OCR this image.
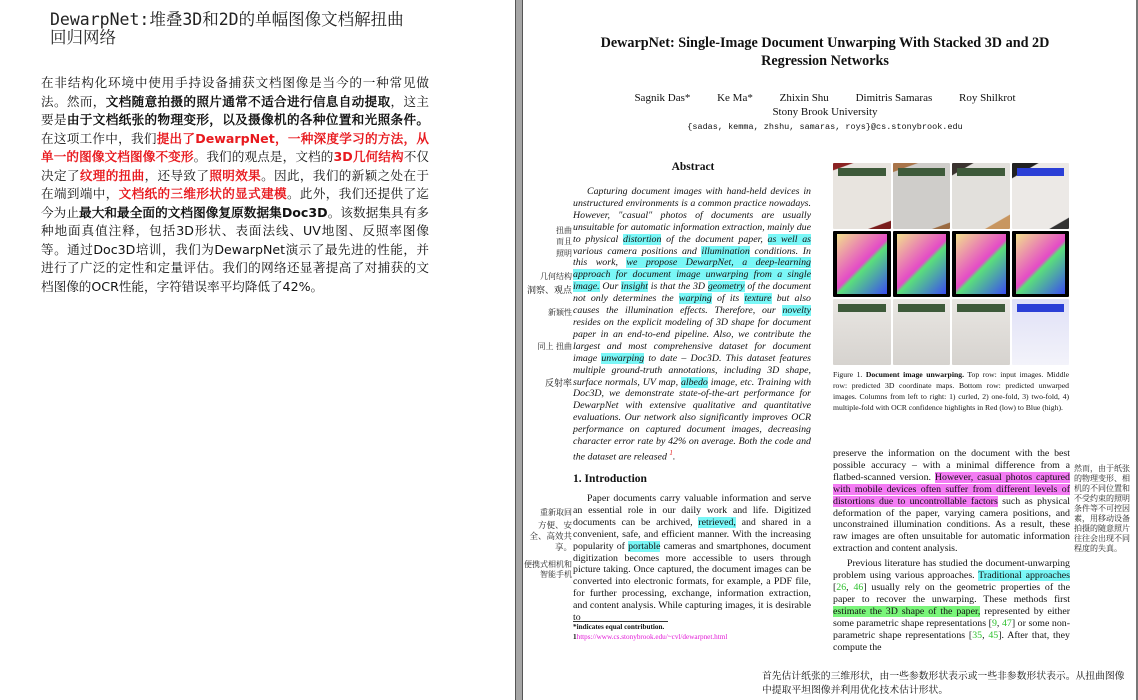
DewarpNet:堆叠3D和2D的单幅图像文档解扭曲回归网络
在非结构化环境中使用手持设备捕获文档图像是当今的一种常见做法。然而，文档随意拍摄的照片通常不适合进行信息自动提取，这主要是由于文档纸张的物理变形，以及摄像机的各种位置和光照条件。在这项工作中，我们提出了DewarpNet，一种深度学习的方法，从单一的图像文档图像不变形。我们的观点是，文档的3D几何结构不仅决定了纹理的扭曲，还导致了照明效果。因此，我们的新颖之处在于在端到端中，文档纸的三维形状的显式建模。此外，我们还提供了迄今为止最大和最全面的文档图像复原数据集Doc3D。该数据集具有多种地面真值注释，包括3D形状、表面法线、UV地图、反照率图像等。通过Doc3D培训，我们为DewarpNet演示了最先进的性能，并进行了广泛的定性和定量评估。我们的网络还显著提高了对捕获的文档图像的OCR性能，字符错误率平均降低了42%。
DewarpNet: Single-Image Document Unwarping With Stacked 3D and 2D Regression Networks
Sagnik Das* Ke Ma* Zhixin Shu Dimitris Samaras Roy Shilkrot
Stony Brook University
{sadas, kemma, zhshu, samaras, roys}@cs.stonybrook.edu
Abstract
Capturing document images with hand-held devices in unstructured environments is a common practice nowadays. However, "casual" photos of documents are usually unsuitable for automatic information extraction, mainly due to physical distortion of the document paper, as well as various camera positions and illumination conditions. In this work, we propose DewarpNet, a deep-learning approach for document image unwarping from a single image. Our insight is that the 3D geometry of the document not only determines the warping of its texture but also causes the illumination effects. Therefore, our novelty resides on the explicit modeling of 3D shape for document paper in an end-to-end pipeline. Also, we contribute the largest and most comprehensive dataset for document image unwarping to date – Doc3D. This dataset features multiple ground-truth annotations, including 3D shape, surface normals, UV map, albedo image, etc. Training with Doc3D, we demonstrate state-of-the-art performance for DewarpNet with extensive qualitative and quantitative evaluations. Our network also significantly improves OCR performance on captured document images, decreasing character error rate by 42% on average. Both the code and the dataset are released $^1$.
1. Introduction
Paper documents carry valuable information and serve an essential role in our daily work and life. Digitized documents can be archived, retrieved, and shared in a convenient, safe, and efficient manner. With the increasing popularity of portable cameras and smartphones, document digitization becomes more accessible to users through picture taking. Once captured, the document images can be converted into electronic formats, for example, a PDF file, for further processing, exchange, information extraction, and content analysis. While capturing images, it is desirable to
*indicates equal contribution.
1https://www.cs.stonybrook.edu/~cvl/dewarpnet.html
Figure 1. Document image unwarping. Top row: input images. Middle row: predicted 3D coordinate maps. Bottom row: predicted unwarped images. Columns from left to right: 1) curled, 2) one-fold, 3) two-fold, 4) multiple-fold with OCR confidence highlights in Red (low) to Blue (high).

preserve the information on the document with the best possible accuracy – with a minimal difference from a flatbed-scanned version. However, casual photos captured with mobile devices often suffer from different levels of distortions due to uncontrollable factors such as physical deformation of the paper, varying camera positions, and unconstrained illumination conditions. As a result, these raw images are often unsuitable for automatic information extraction and content analysis.

Previous literature has studied the document-unwarping problem using various approaches. Traditional approaches [26, 46] usually rely on the geometric properties of the paper to recover the unwarping. These methods first estimate the 3D shape of the paper, represented by either some parametric shape representations [9, 47] or some non-parametric shape representations [35, 45]. After that, they compute the

扭曲
而且
照明
几何结构
洞察、观点
新颖性
同上 扭曲
反射率
重新取回
方便、安全、高效共享。
便携式相机和智能手机
然而，由于纸张的物理变形、相机的不同位置和不受约束的照明条件等不可控因素，用移动设备拍摄的随意照片往往会出现不同程度的失真。
首先估计纸张的三维形状，由一些参数形状表示或一些非参数形状表示。从扭曲图像中提取平坦图像并利用优化技术估计形状。
